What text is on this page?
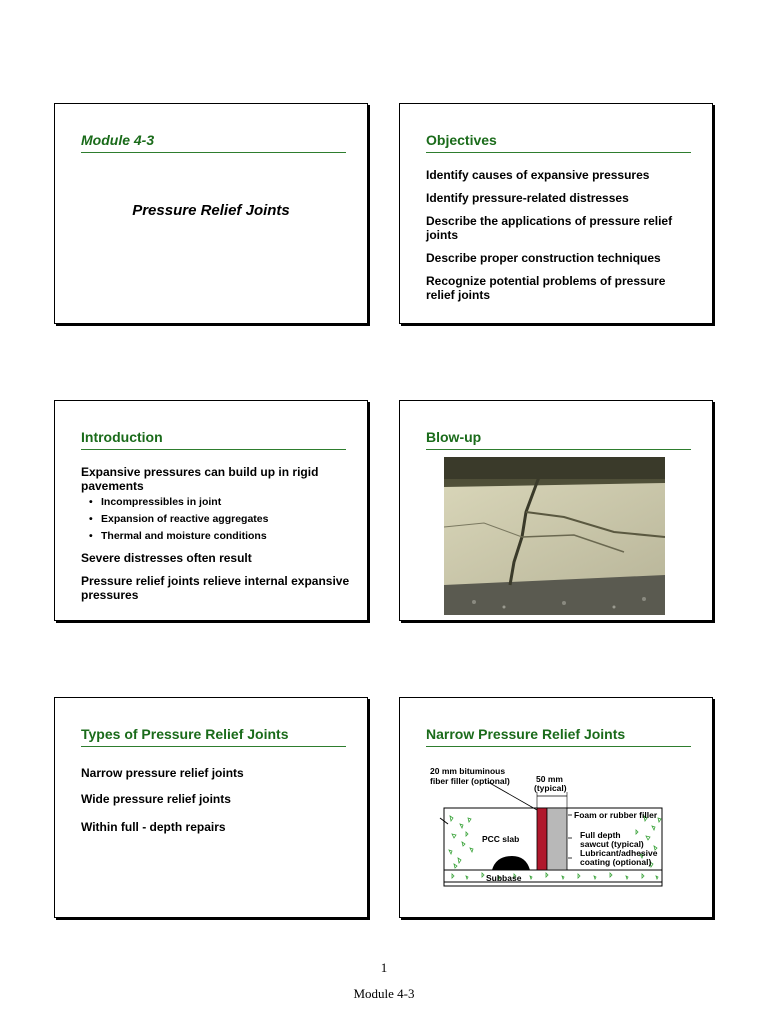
Module 4-3
Pressure Relief Joints
Objectives
Identify causes of expansive pressures
Identify pressure-related distresses
Describe the applications of pressure relief joints
Describe proper construction techniques
Recognize potential problems of pressure relief joints
Introduction
Expansive pressures can build up in rigid pavements
• Incompressibles in joint
• Expansion of reactive aggregates
• Thermal and moisture conditions
Severe distresses often result
Pressure relief joints relieve internal expansive pressures
Blow-up
Types of Pressure Relief Joints
Narrow pressure relief joints
Wide pressure relief joints
Within full - depth repairs
Narrow Pressure Relief Joints
20 mm bituminous
fiber filler (optional)	50 mm
(typical)
Foam or rubber filler
PCC slab	Full depth
sawcut (typical)
Lubricant/adhesive
coating (optional)
Subbase
1
Module 4-3
